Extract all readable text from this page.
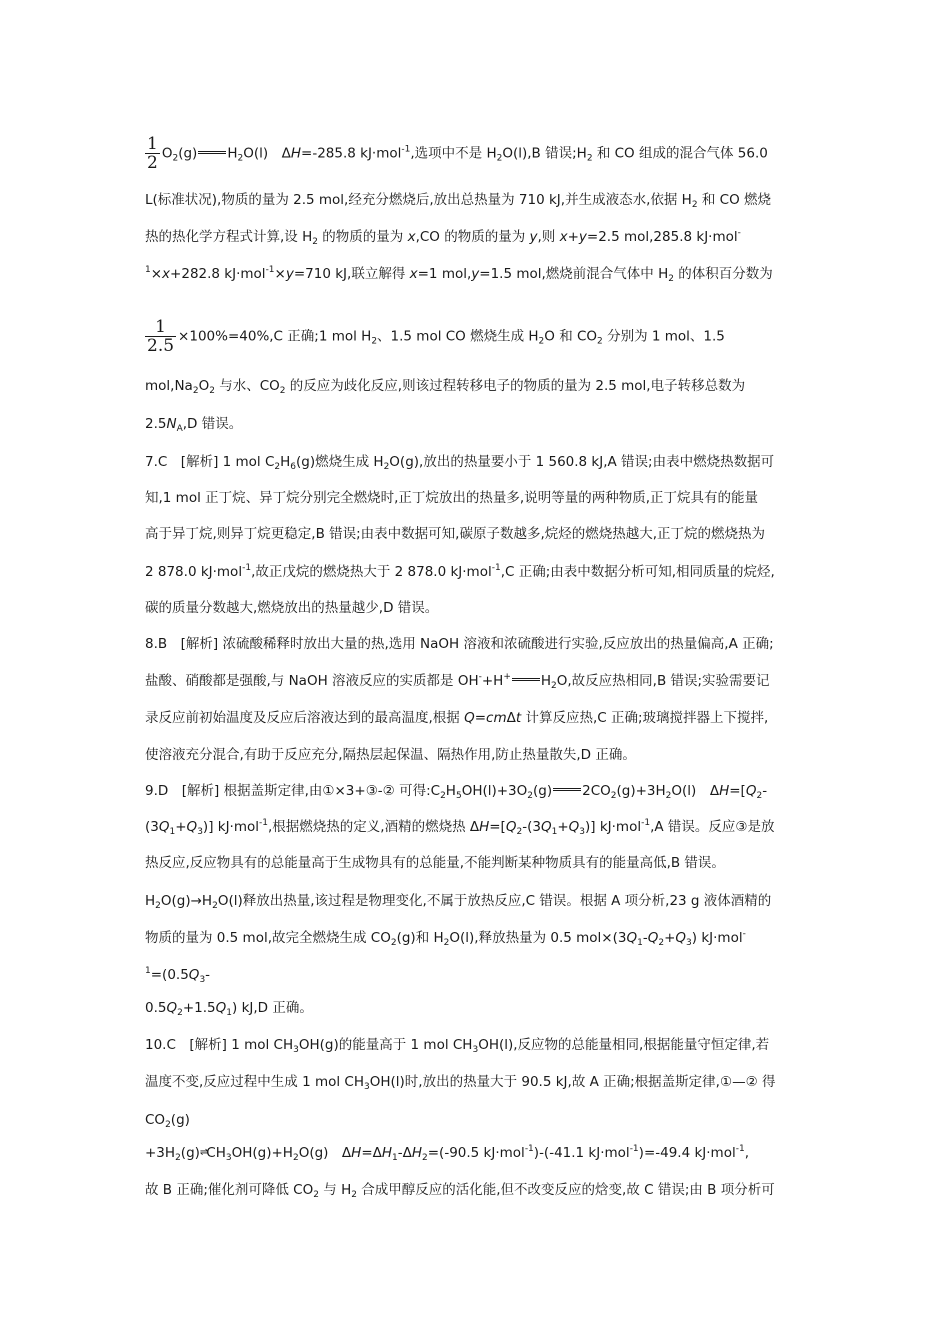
$\frac{1}{2} O_2(g)$ $H_2O(l)$　ΔH=-285.8 kJ·mol$^{-1}$,选项中不是 $H_2O(l),B$ 错误$;H_2$ 和 CO 组成的混合气体 56.0
L(标准状况),物质的量为 2.5 mol,经充分燃烧后,放出总热量为 710 kJ,并生成液态水,依据 $H_2$ 和 CO 燃烧
热的热化学方程式计算,设 $H_2$ 的物质的量为 x,CO 的物质的量为 y,则 x+y=2.5 mol,285.8 kJ·mol-
$^1$×x+282.8 kJ·mol$^{-1}$×y=710 kJ,联立解得 x=1 mol,y=1.5 mol,燃烧前混合气体中 $H_2$ 的体积百分数为
$\frac{1}{2.5} \times 100\%=40\%,C$ 正确;1 mol $H_2$、1.5 mol CO 燃烧生成 $H_2O$ 和 $CO_2$ 分别为 1 mol、1.5
$mol,Na_2O_2$ 与水、$CO_2$ 的反应为歧化反应,则该过程转移电子的物质的量为 2.5 mol,电子转移总数为
$2.5N_A,D$ 错误。
7.C　[解析] 1 mol $C_2H_6(g)$燃烧生成 $H_2O(g)$,放出的热量要小于 1 560.8 kJ,A 错误;由表中燃烧热数据可
知,1 mol 正丁烷、异丁烷分别完全燃烧时,正丁烷放出的热量多,说明等量的两种物质,正丁烷具有的能量
高于异丁烷,则异丁烷更稳定,B 错误;由表中数据可知,碳原子数越多,烷烃的燃烧热越大,正丁烷的燃烧热为
2 878.0 kJ·mol$^{-1}$,故正戊烷的燃烧热大于 2 878.0 kJ·mol$^{-1}$,C 正确;由表中数据分析可知,相同质量的烷烃,
碳的质量分数越大,燃烧放出的热量越少,D 错误。
8.B　[解析] 浓硫酸稀释时放出大量的热,选用 NaOH 溶液和浓硫酸进行实验,反应放出的热量偏高,A 正确;
盐酸、硝酸都是强酸,与 NaOH 溶液反应的实质都是 OH-+H+ $H_2O$,故反应热相同,B 错误;实验需要记
录反应前初始温度及反应后溶液达到的最高温度,根据 Q=cmΔt 计算反应热,C 正确;玻璃搅拌器上下搅拌,
使溶液充分混合,有助于反应充分,隔热层起保温、隔热作用,防止热量散失,D 正确。
9.D　[解析] 根据盖斯定律,由①×3+③-② 可得$:C_2H_5OH(l)+3O_2(g)$ $2CO_2(g)+3H_2O(l)$　$\Delta H=[Q_2-$
$(3Q_1+Q_3)$] kJ·mol$^{-1}$,根据燃烧热的定义,酒精的燃烧热 $\Delta H=[Q_2-(3Q_1+Q_3)]$ kJ·mol$^{-1}$,A 错误。反应③是放
热反应,反应物具有的总能量高于生成物具有的总能量,不能判断某种物质具有的能量高低,B 错误。
$H_2O(g)\to H_2O(l)$释放出热量,该过程是物理变化,不属于放热反应,C 错误。根据 A 项分析,23 g 液体酒精的
物质的量为 0.5 mol,故完全燃烧生成 $CO_2(g)$和 $H_2O(l)$,释放热量为 0.5 $mol\times(3Q_1-Q_2+Q_3)$ kJ·mol-
$^1=(0.5Q_3-$
$0.5Q_2+1.5Q_1$) kJ,D 正确。
10.C　[解析] 1 mol $CH_3OH(g)$的能量高于 1 mol $CH_3OH(l)$,反应物的总能量相同,根据能量守恒定律,若
温度不变,反应过程中生成 1 mol $CH_3OH(l)$时,放出的热量大于 90.5 kJ,故 A 正确;根据盖斯定律,①—② 得
$CO_2(g)$
$+3H_2(g)\rightleftharpoons CH_3OH(g)+H_2O(g)$　$\Delta H=\Delta H_1-\Delta H_2=(-90.5$ kJ·mol$^{-1}$)-(-41.1 kJ·mol$^{-1}$)=-49.4 kJ·mol$^{-1}$,
故 B 正确;催化剂可降低 $CO_2$ 与 $H_2$ 合成甲醇反应的活化能,但不改变反应的焓变,故 C 错误;由 B 项分析可
